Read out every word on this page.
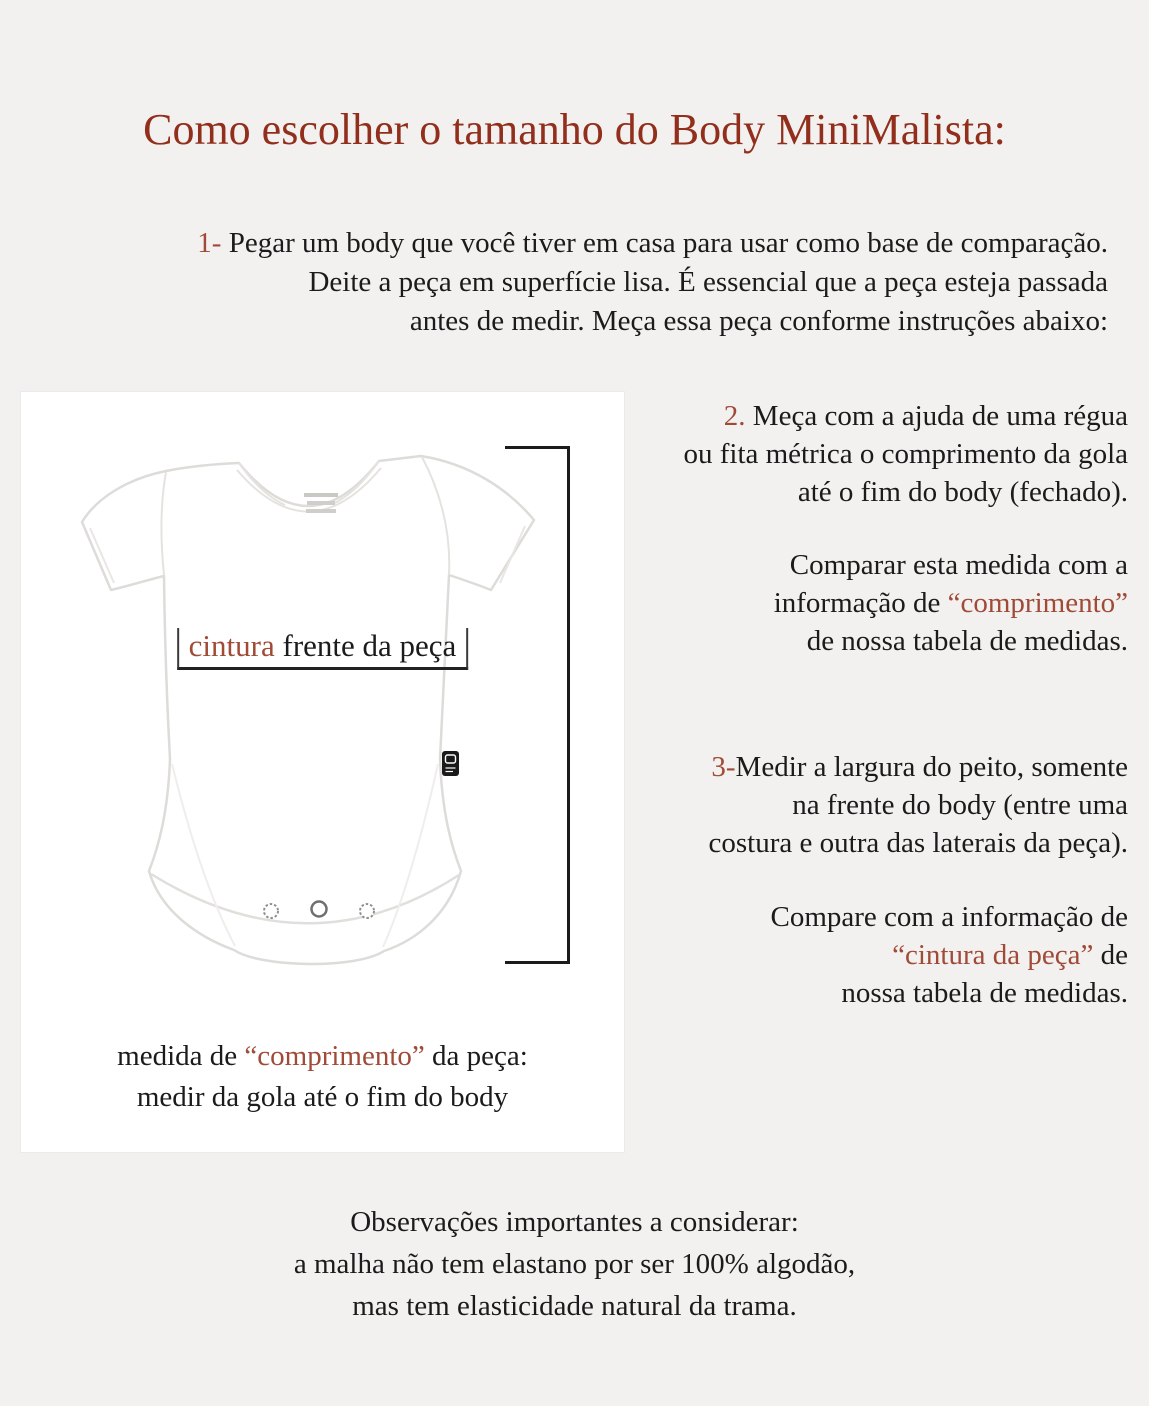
Como escolher o tamanho do Body MiniMalista:
1- Pegar um body que você tiver em casa para usar como base de comparação.
Deite a peça em superfície lisa. É essencial que a peça esteja passada
antes de medir. Meça essa peça conforme instruções abaixo:
cintura frente da peça
medida de “comprimento” da peça:
medir da gola até o fim do body
2. Meça com a ajuda de uma régua
ou fita métrica o comprimento da gola
até o fim do body (fechado).
Comparar esta medida com a
informação de “comprimento”
de nossa tabela de medidas.
3-Medir a largura do peito, somente
na frente do body (entre uma
costura e outra das laterais da peça).
Compare com a informação de
“cintura da peça” de
nossa tabela de medidas.
Observações importantes a considerar:
a malha não tem elastano por ser 100% algodão,
mas tem elasticidade natural da trama.
